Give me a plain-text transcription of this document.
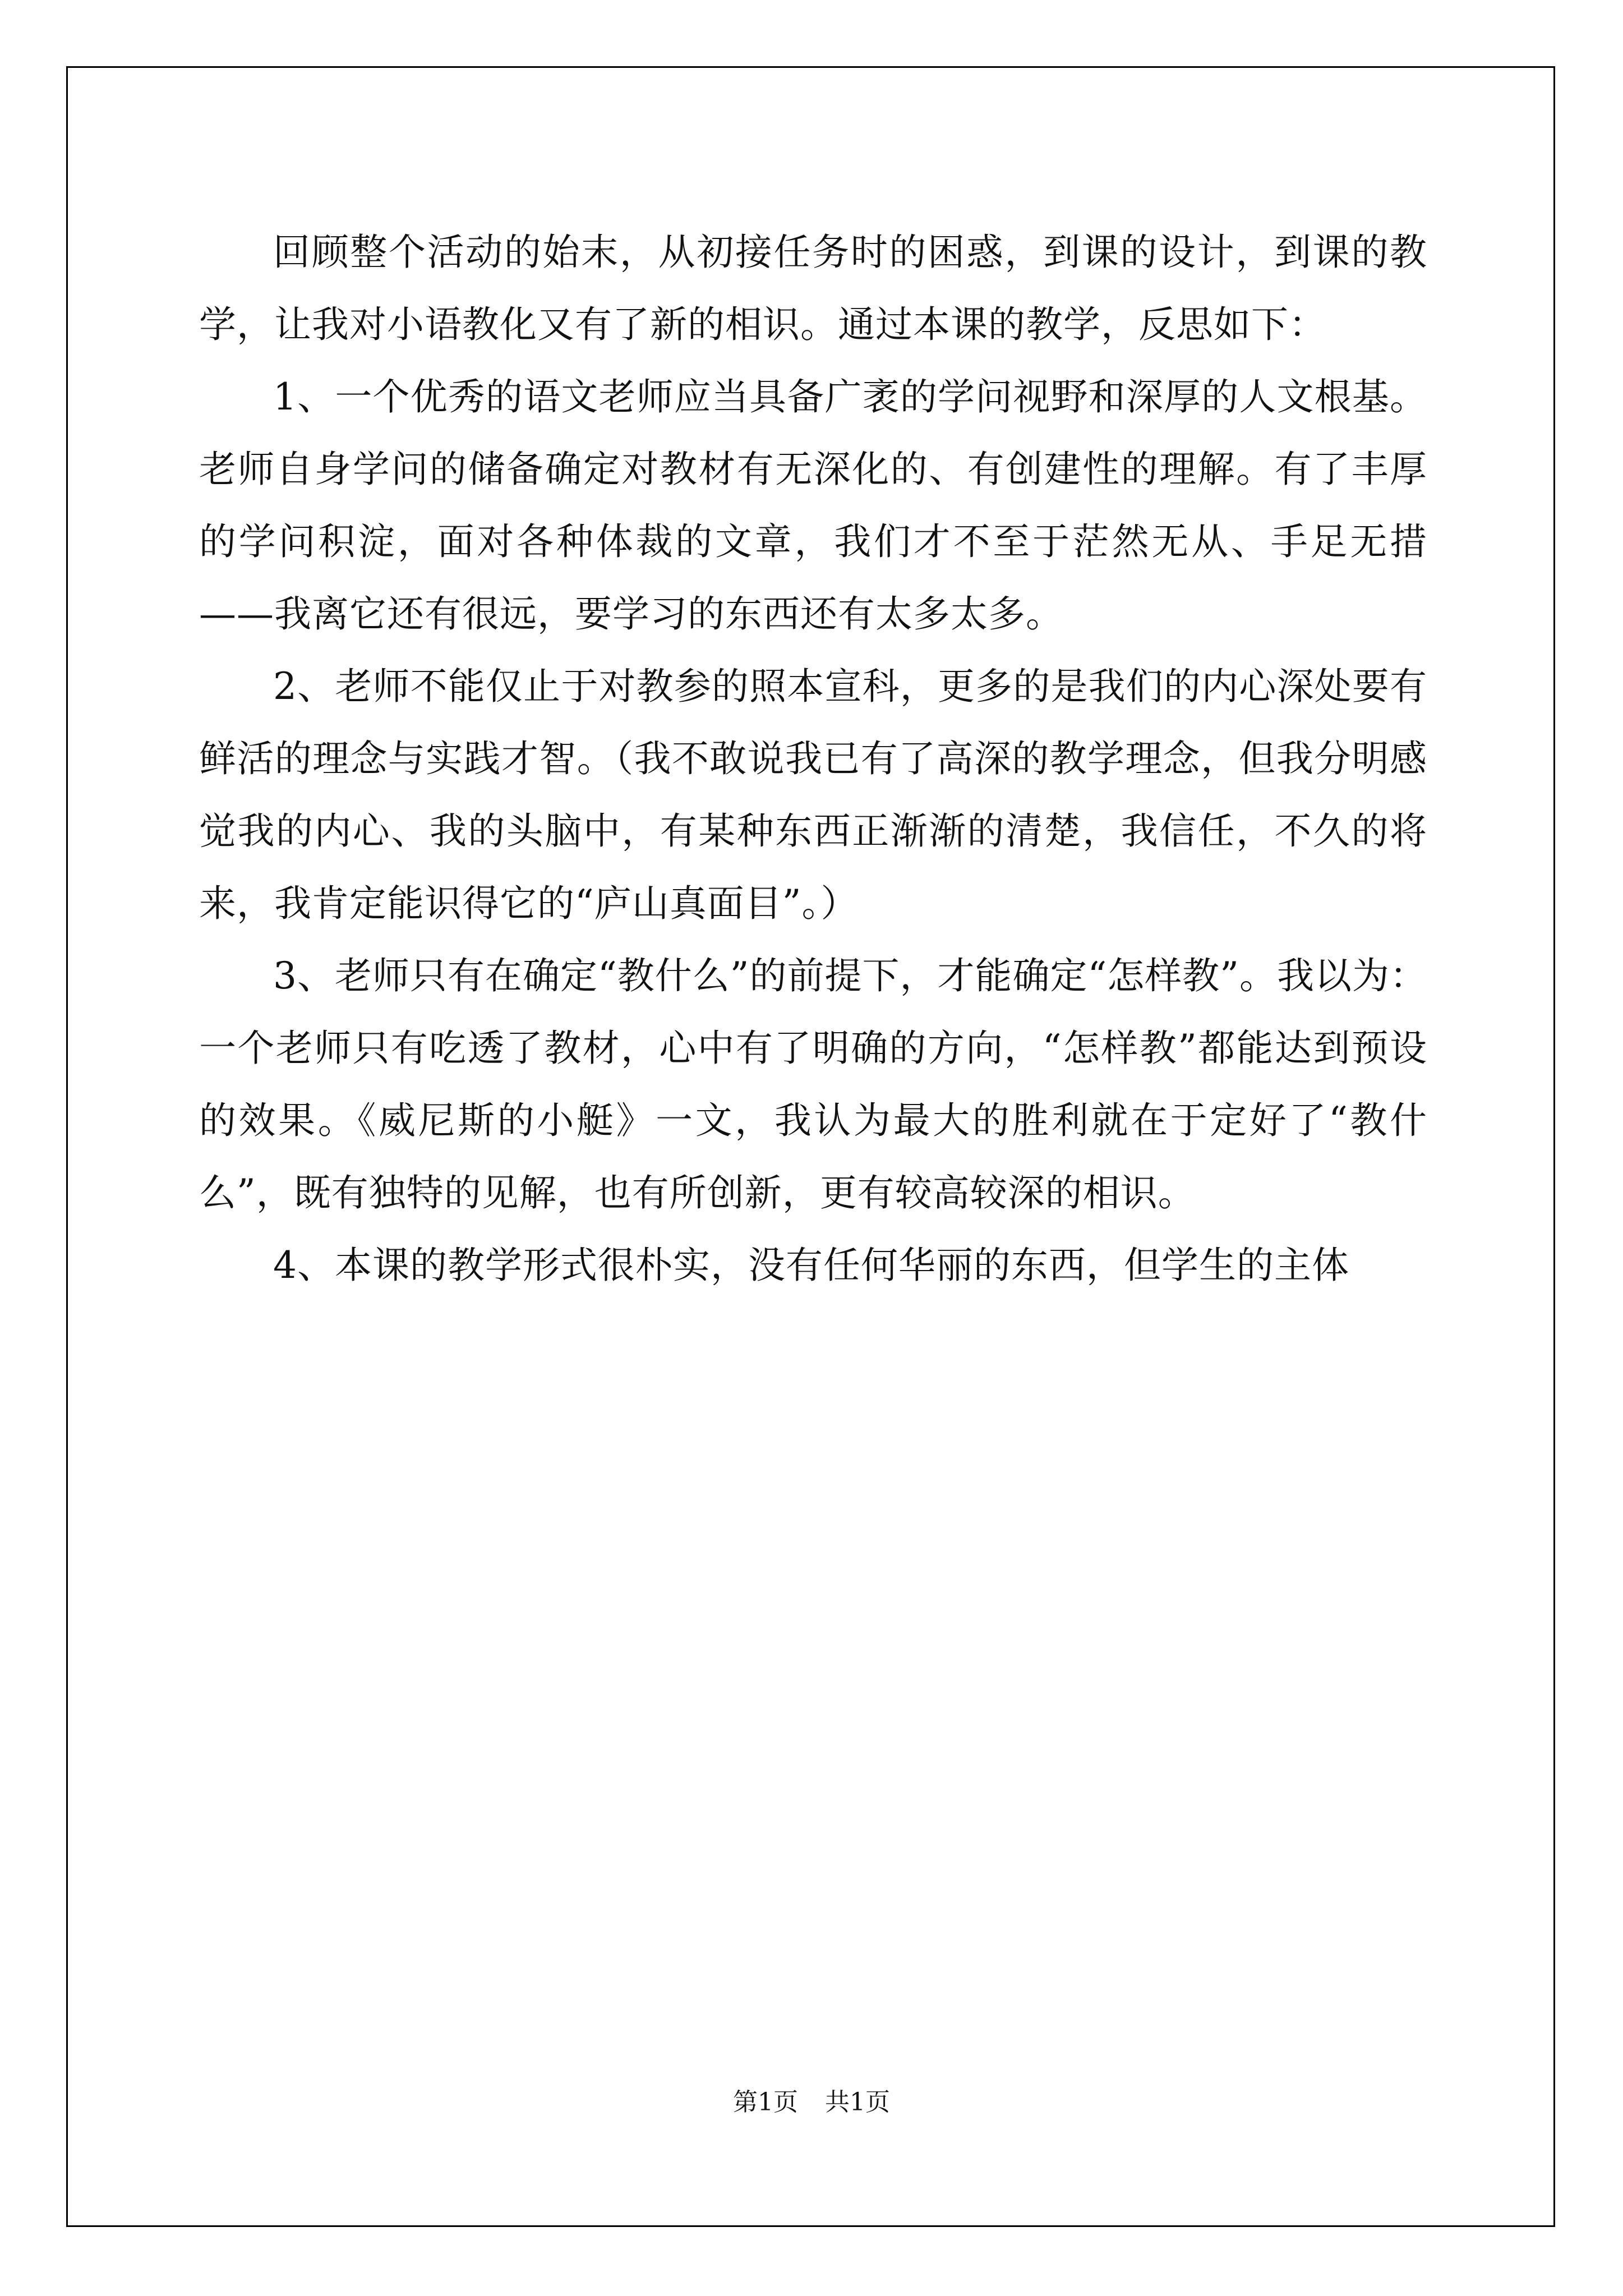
回顾整个活动的始末，从初接任务时的困惑，到课的设计，到课的教学，让我对小语教化又有了新的相识。通过本课的教学，反思如下：

1、一个优秀的语文老师应当具备广袤的学问视野和深厚的人文根基。老师自身学问的储备确定对教材有无深化的、有创建性的理解。有了丰厚的学问积淀，面对各种体裁的文章，我们才不至于茫然无从、手足无措——我离它还有很远，要学习的东西还有太多太多。

2、老师不能仅止于对教参的照本宣科，更多的是我们的内心深处要有鲜活的理念与实践才智。（我不敢说我已有了高深的教学理念，但我分明感觉我的内心、我的头脑中，有某种东西正渐渐的清楚，我信任，不久的将来，我肯定能识得它的“庐山真面目”。）

3、老师只有在确定“教什么”的前提下，才能确定“怎样教”。我以为：一个老师只有吃透了教材，心中有了明确的方向，“怎样教”都能达到预设的效果。《威尼斯的小艇》一文，我认为最大的胜利就在于定好了“教什么”，既有独特的见解，也有所创新，更有较高较深的相识。

4、本课的教学形式很朴实，没有任何华丽的东西，但学生的主体

第1页 共1页
